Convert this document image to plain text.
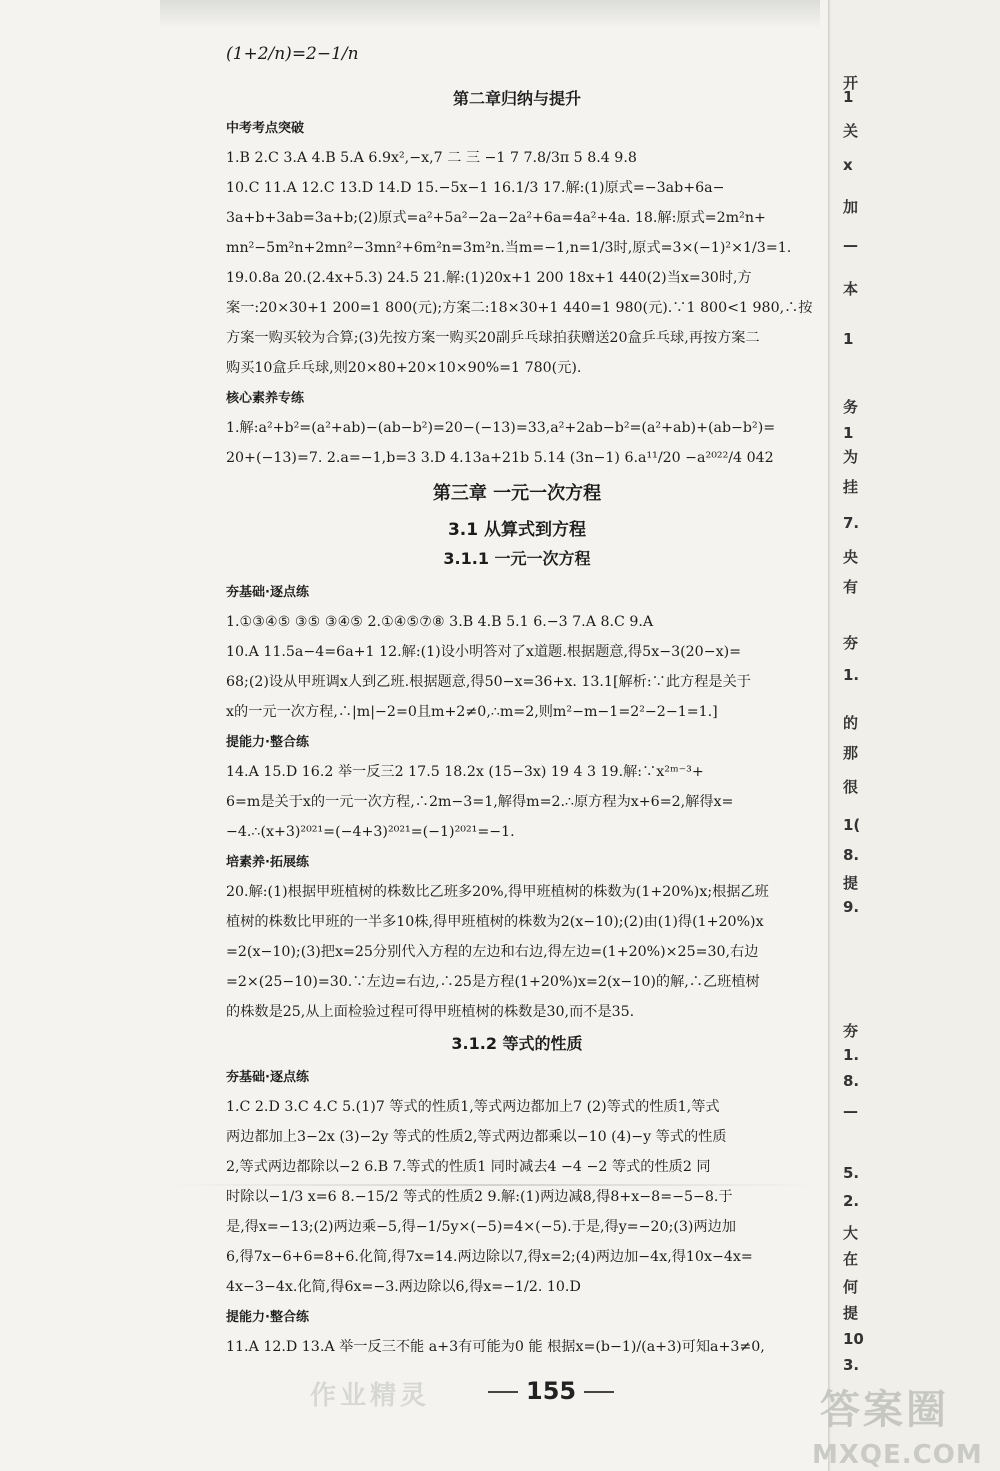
开
1
关
x
加
—
本
1
务
1
为
挂
7.
央
有
夯
1.
的
那
很
1(
8.
提
9.
夯
1.
8.
—
5.
2.
大
在
何
提
10
3.
(1+2/n)=2−1/n
第二章归纳与提升
中考考点突破
1.B 2.C 3.A 4.B 5.A 6.9x²,−x,7 二 三 −1 7 7.8/3π 5 8.4 9.8
10.C 11.A 12.C 13.D 14.D 15.−5x−1 16.1/3 17.解:(1)原式=−3ab+6a−
3a+b+3ab=3a+b;(2)原式=a²+5a²−2a−2a²+6a=4a²+4a. 18.解:原式=2m²n+
mn²−5m²n+2mn²−3mn²+6m²n=3m²n.当m=−1,n=1/3时,原式=3×(−1)²×1/3=1.
19.0.8a 20.(2.4x+5.3) 24.5 21.解:(1)20x+1 200 18x+1 440(2)当x=30时,方
案一:20×30+1 200=1 800(元);方案二:18×30+1 440=1 980(元).∵1 800<1 980,∴按
方案一购买较为合算;(3)先按方案一购买20副乒乓球拍获赠送20盒乒乓球,再按方案二
购买10盒乒乓球,则20×80+20×10×90%=1 780(元).
核心素养专练
1.解:a²+b²=(a²+ab)−(ab−b²)=20−(−13)=33,a²+2ab−b²=(a²+ab)+(ab−b²)=
20+(−13)=7. 2.a=−1,b=3 3.D 4.13a+21b 5.14 (3n−1) 6.a¹¹/20 −a²⁰²²/4 042
第三章 一元一次方程
3.1 从算式到方程
3.1.1 一元一次方程
夯基础·逐点练
1.①③④⑤ ③⑤ ③④⑤ 2.①④⑤⑦⑧ 3.B 4.B 5.1 6.−3 7.A 8.C 9.A
10.A 11.5a−4=6a+1 12.解:(1)设小明答对了x道题.根据题意,得5x−3(20−x)=
68;(2)设从甲班调x人到乙班.根据题意,得50−x=36+x. 13.1[解析:∵此方程是关于
x的一元一次方程,∴|m|−2=0且m+2≠0,∴m=2,则m²−m−1=2²−2−1=1.]
提能力·整合练
14.A 15.D 16.2 举一反三2 17.5 18.2x (15−3x) 19 4 3 19.解:∵x²ᵐ⁻³+
6=m是关于x的一元一次方程,∴2m−3=1,解得m=2.∴原方程为x+6=2,解得x=
−4.∴(x+3)²⁰²¹=(−4+3)²⁰²¹=(−1)²⁰²¹=−1.
培素养·拓展练
20.解:(1)根据甲班植树的株数比乙班多20%,得甲班植树的株数为(1+20%)x;根据乙班
植树的株数比甲班的一半多10株,得甲班植树的株数为2(x−10);(2)由(1)得(1+20%)x
=2(x−10);(3)把x=25分别代入方程的左边和右边,得左边=(1+20%)×25=30,右边
=2×(25−10)=30.∵左边=右边,∴25是方程(1+20%)x=2(x−10)的解,∴乙班植树
的株数是25,从上面检验过程可得甲班植树的株数是30,而不是35.
3.1.2 等式的性质
夯基础·逐点练
1.C 2.D 3.C 4.C 5.(1)7 等式的性质1,等式两边都加上7 (2)等式的性质1,等式
两边都加上3−2x (3)−2y 等式的性质2,等式两边都乘以−10 (4)−y 等式的性质
2,等式两边都除以−2 6.B 7.等式的性质1 同时减去4 −4 −2 等式的性质2 同
时除以−1/3 x=6 8.−15/2 等式的性质2 9.解:(1)两边减8,得8+x−8=−5−8.于
是,得x=−13;(2)两边乘−5,得−1/5y×(−5)=4×(−5).于是,得y=−20;(3)两边加
6,得7x−6+6=8+6.化简,得7x=14.两边除以7,得x=2;(4)两边加−4x,得10x−4x=
4x−3−4x.化简,得6x=−3.两边除以6,得x=−1/2. 10.D
提能力·整合练
11.A 12.D 13.A 举一反三不能 a+3有可能为0 能 根据x=(b−1)/(a+3)可知a+3≠0,
作业精灵	155	答案圈
MXQE.COM
